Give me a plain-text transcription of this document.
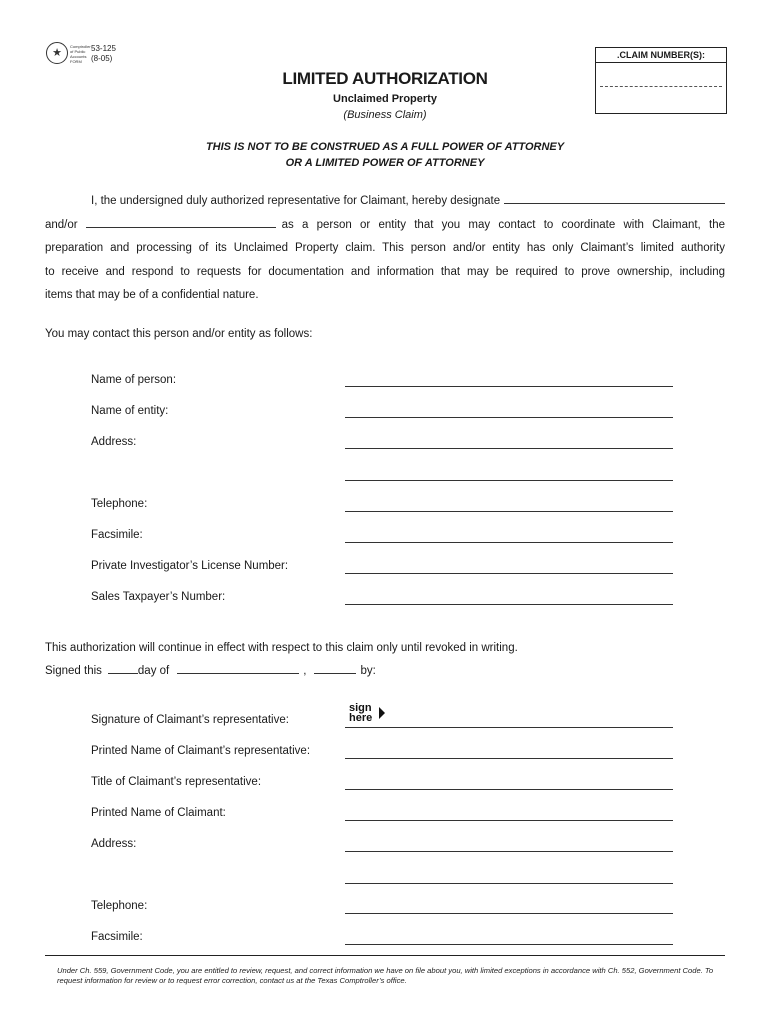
★
Comptroller of Public Accounts FORM
53-125
(8-05)	.CLAIM NUMBER(S):
LIMITED AUTHORIZATION
Unclaimed Property
(Business Claim)
THIS IS NOT TO BE CONSTRUED AS A FULL POWER OF ATTORNEY
OR A LIMITED POWER OF ATTORNEY

I, the undersigned duly authorized representative for Claimant, hereby designate

and/or	as a person or entity that you may contact to coordinate with Claimant, the

preparation and processing of its Unclaimed Property claim. This person and/or entity has only Claimant’s limited authority

to receive and respond to requests for documentation and information that may be required to prove ownership, including

items that may be of a confidential nature.

You may contact this person and/or entity as follows:
Name of person:
Name of entity:
Address:
Telephone:
Facsimile:
Private Investigator’s License Number:
Sales Taxpayer’s Number:
This authorization will continue in effect with respect to this claim only until revoked in writing.
Signed this	day of	,	by:
sign
here
Signature of Claimant’s representative:
Printed Name of Claimant’s representative:
Title of Claimant’s representative:
Printed Name of Claimant:
Address:
Telephone:
Facsimile:
Under Ch. 559, Government Code, you are entitled to review, request, and correct information we have on file about you, with limited exceptions in accordance with Ch. 552, Government Code. To request information for review or to request error correction, contact us at the Texas Comptroller’s office.
